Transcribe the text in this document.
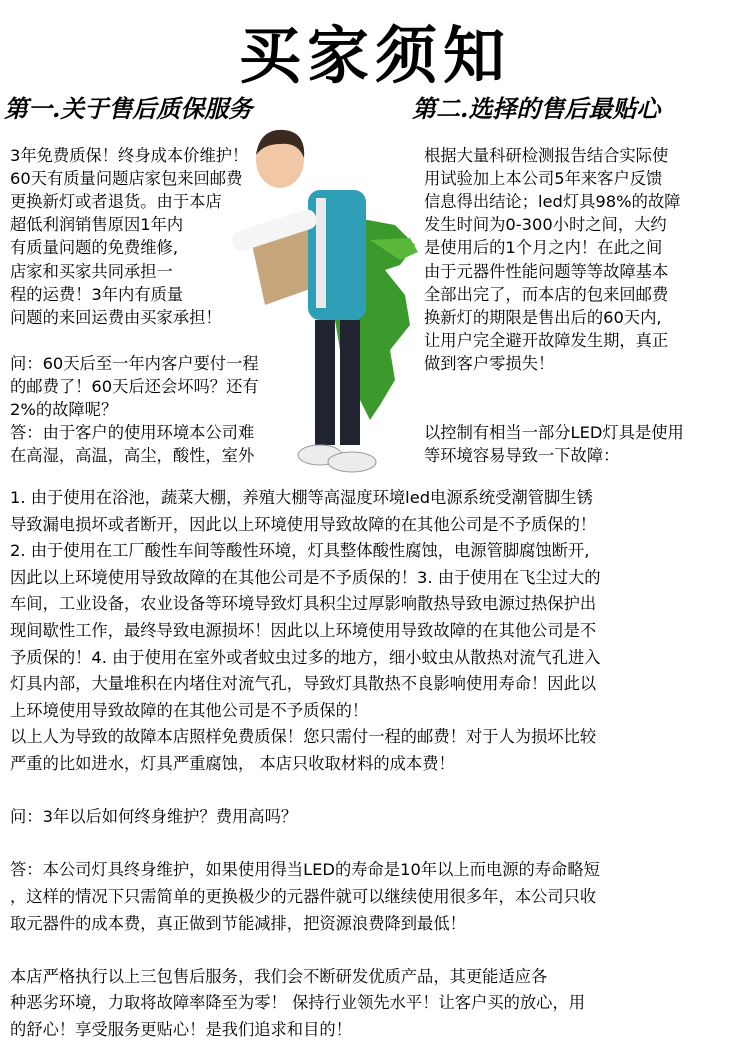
买家须知
第一.关于售后质保服务	第二.选择的售后最贴心
3年免费质保！终身成本价维护！
60天有质量问题店家包来回邮费
更换新灯或者退货。由于本店
超低利润销售原因1年内
有质量问题的免费维修,
店家和买家共同承担一
程的运费！3年内有质量
问题的来回运费由买家承担！
问：60天后至一年内客户要付一程
的邮费了！60天后还会坏吗？还有
2%的故障呢？
答：由于客户的使用环境本公司难
在高湿，高温，高尘，酸性，室外
根据大量科研检测报告结合实际使
用试验加上本公司5年来客户反馈
信息得出结论；led灯具98%的故障
发生时间为0-300小时之间，大约
是使用后的1个月之内！在此之间
由于元器件性能问题等等故障基本
全部出完了，而本店的包来回邮费
换新灯的期限是售出后的60天内,
让用户完全避开故障发生期，真正
做到客户零损失！
以控制有相当一部分LED灯具是使用
等环境容易导致一下故障：
1. 由于使用在浴池，蔬菜大棚，养殖大棚等高湿度环境led电源系统受潮管脚生锈
导致漏电损坏或者断开，因此以上环境使用导致故障的在其他公司是不予质保的！
2. 由于使用在工厂酸性车间等酸性环境，灯具整体酸性腐蚀，电源管脚腐蚀断开,
因此以上环境使用导致故障的在其他公司是不予质保的！3. 由于使用在飞尘过大的
车间，工业设备，农业设备等环境导致灯具积尘过厚影响散热导致电源过热保护出
现间歇性工作，最终导致电源损坏！因此以上环境使用导致故障的在其他公司是不
予质保的！4. 由于使用在室外或者蚊虫过多的地方，细小蚊虫从散热对流气孔进入
灯具内部，大量堆积在内堵住对流气孔，导致灯具散热不良影响使用寿命！因此以
上环境使用导致故障的在其他公司是不予质保的！
以上人为导致的故障本店照样免费质保！您只需付一程的邮费！对于人为损坏比较
严重的比如进水，灯具严重腐蚀， 本店只收取材料的成本费！
问：3年以后如何终身维护？费用高吗？
答：本公司灯具终身维护，如果使用得当LED的寿命是10年以上而电源的寿命略短
，这样的情况下只需简单的更换极少的元器件就可以继续使用很多年，本公司只收
取元器件的成本费，真正做到节能减排，把资源浪费降到最低！
本店严格执行以上三包售后服务，我们会不断研发优质产品，其更能适应各
种恶劣环境，力取将故障率降至为零！ 保持行业领先水平！让客户买的放心，用
的舒心！享受服务更贴心！是我们追求和目的！
